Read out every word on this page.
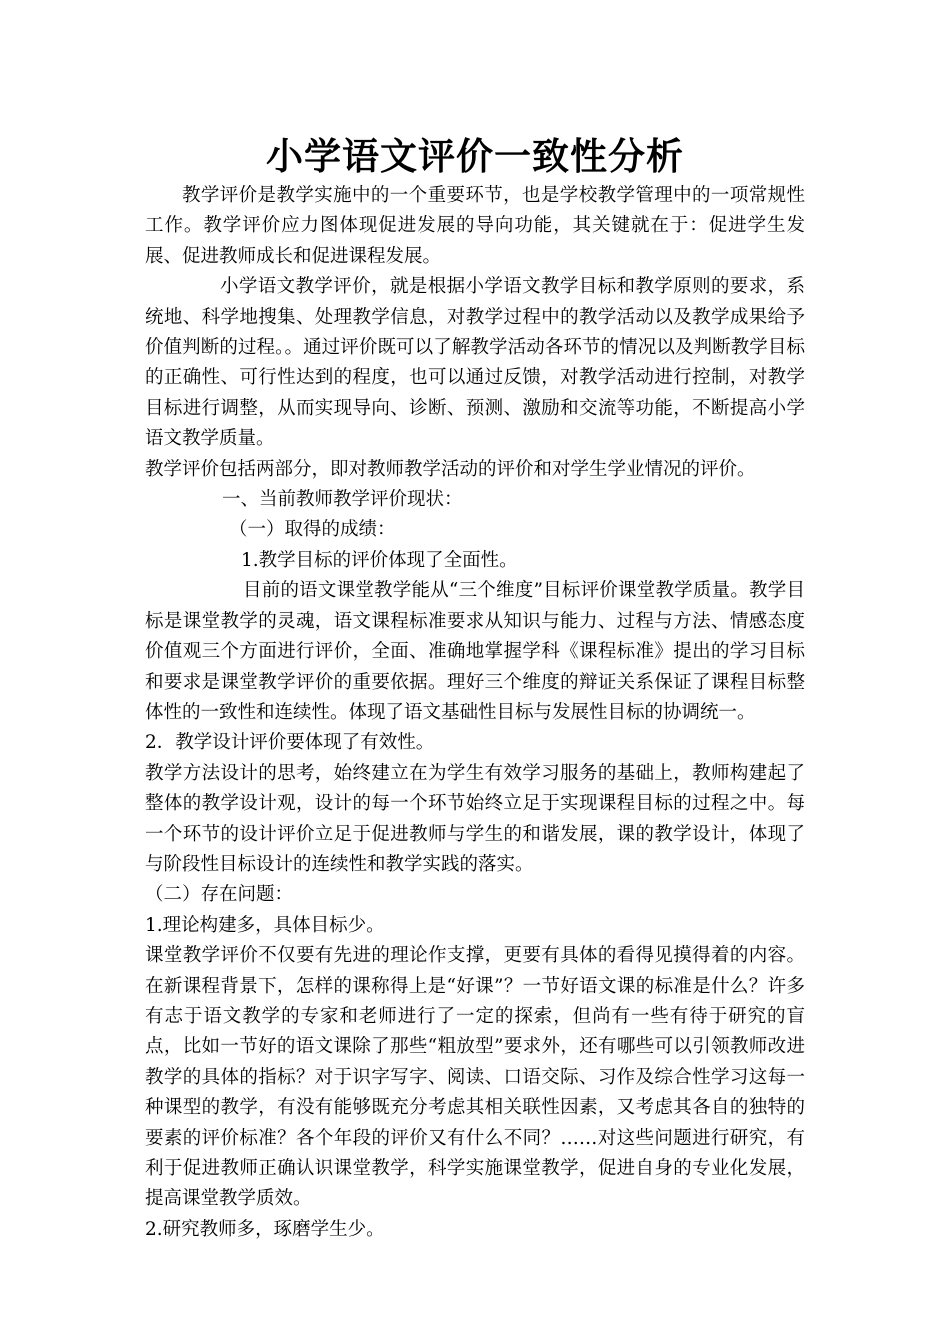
小学语文评价一致性分析

教学评价是教学实施中的一个重要环节，也是学校教学管理中的一项常规性工作。教学评价应力图体现促进发展的导向功能，其关键就在于：促进学生发展、促进教师成长和促进课程发展。

小学语文教学评价，就是根据小学语文教学目标和教学原则的要求，系统地、科学地搜集、处理教学信息，对教学过程中的教学活动以及教学成果给予价值判断的过程。。通过评价既可以了解教学活动各环节的情况以及判断教学目标的正确性、可行性达到的程度，也可以通过反馈，对教学活动进行控制，对教学目标进行调整，从而实现导向、诊断、预测、激励和交流等功能，不断提高小学语文教学质量。

教学评价包括两部分，即对教师教学活动的评价和对学生学业情况的评价。

一、当前教师教学评价现状：

（一）取得的成绩：

1.教学目标的评价体现了全面性。

目前的语文课堂教学能从“三个维度”目标评价课堂教学质量。教学目标是课堂教学的灵魂，语文课程标准要求从知识与能力、过程与方法、情感态度价值观三个方面进行评价，全面、准确地掌握学科《课程标准》提出的学习目标和要求是课堂教学评价的重要依据。理好三个维度的辩证关系保证了课程目标整体性的一致性和连续性。体现了语文基础性目标与发展性目标的协调统一。

2．教学设计评价要体现了有效性。

教学方法设计的思考，始终建立在为学生有效学习服务的基础上，教师构建起了整体的教学设计观，设计的每一个环节始终立足于实现课程目标的过程之中。每一个环节的设计评价立足于促进教师与学生的和谐发展，课的教学设计，体现了与阶段性目标设计的连续性和教学实践的落实。

（二）存在问题：

1.理论构建多，具体目标少。

课堂教学评价不仅要有先进的理论作支撑，更要有具体的看得见摸得着的内容。在新课程背景下，怎样的课称得上是“好课”？一节好语文课的标准是什么？许多有志于语文教学的专家和老师进行了一定的探索，但尚有一些有待于研究的盲点，比如一节好的语文课除了那些“粗放型”要求外，还有哪些可以引领教师改进教学的具体的指标？对于识字写字、阅读、口语交际、习作及综合性学习这每一种课型的教学，有没有能够既充分考虑其相关联性因素，又考虑其各自的独特的要素的评价标准？各个年段的评价又有什么不同？……对这些问题进行研究，有利于促进教师正确认识课堂教学，科学实施课堂教学，促进自身的专业化发展，提高课堂教学质效。

2.研究教师多，琢磨学生少。
